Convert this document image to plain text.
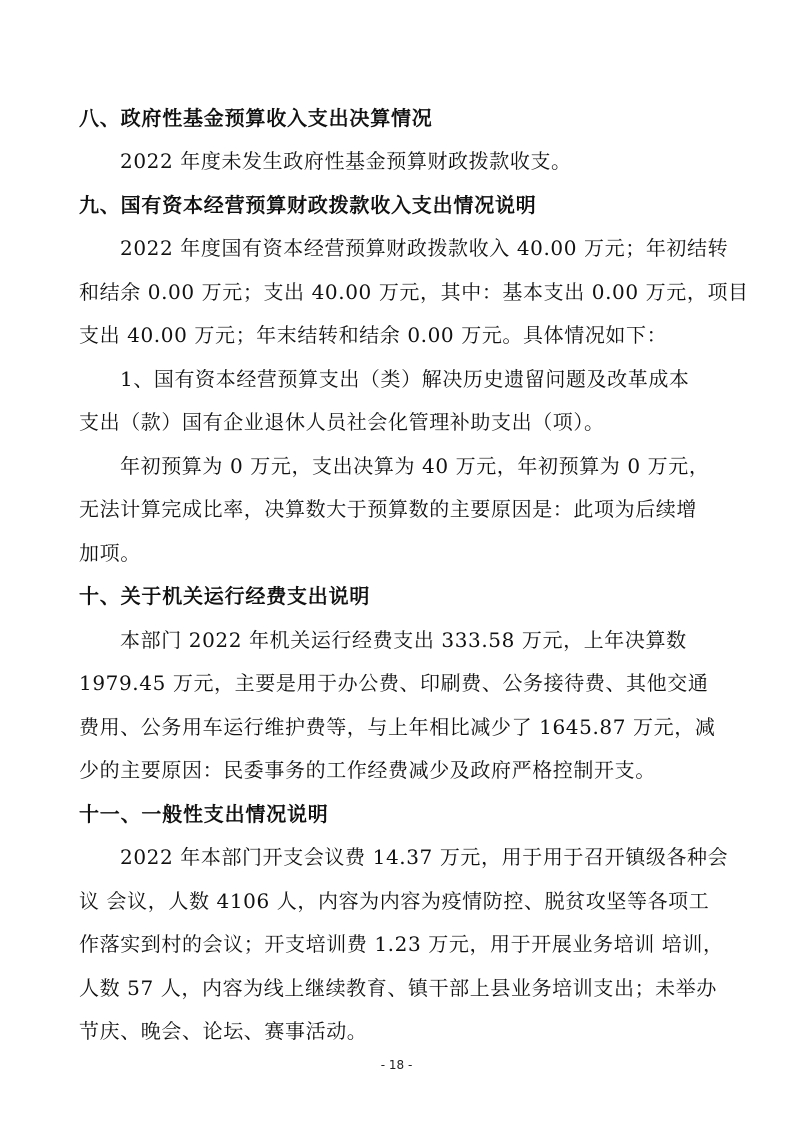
八、政府性基金预算收入支出决算情况
2022 年度未发生政府性基金预算财政拨款收支。
九、国有资本经营预算财政拨款收入支出情况说明
2022 年度国有资本经营预算财政拨款收入 40.00 万元；年初结转
和结余 0.00 万元；支出 40.00 万元，其中：基本支出 0.00 万元，项目
支出 40.00 万元；年末结转和结余 0.00 万元。具体情况如下：
1、国有资本经营预算支出（类）解决历史遗留问题及改革成本
支出（款）国有企业退休人员社会化管理补助支出（项）。
年初预算为 0 万元，支出决算为 40 万元，年初预算为 0 万元，
无法计算完成比率，决算数大于预算数的主要原因是：此项为后续增
加项。
十、关于机关运行经费支出说明
本部门 2022 年机关运行经费支出 333.58 万元，上年决算数
1979.45 万元，主要是用于办公费、印刷费、公务接待费、其他交通
费用、公务用车运行维护费等，与上年相比减少了 1645.87 万元，减
少的主要原因：民委事务的工作经费减少及政府严格控制开支。
十一、一般性支出情况说明
2022 年本部门开支会议费 14.37 万元，用于用于召开镇级各种会
议 会议，人数 4106 人，内容为内容为疫情防控、脱贫攻坚等各项工
作落实到村的会议；开支培训费 1.23 万元，用于开展业务培训 培训，
人数 57 人，内容为线上继续教育、镇干部上县业务培训支出；未举办
节庆、晚会、论坛、赛事活动。
- 18 -
